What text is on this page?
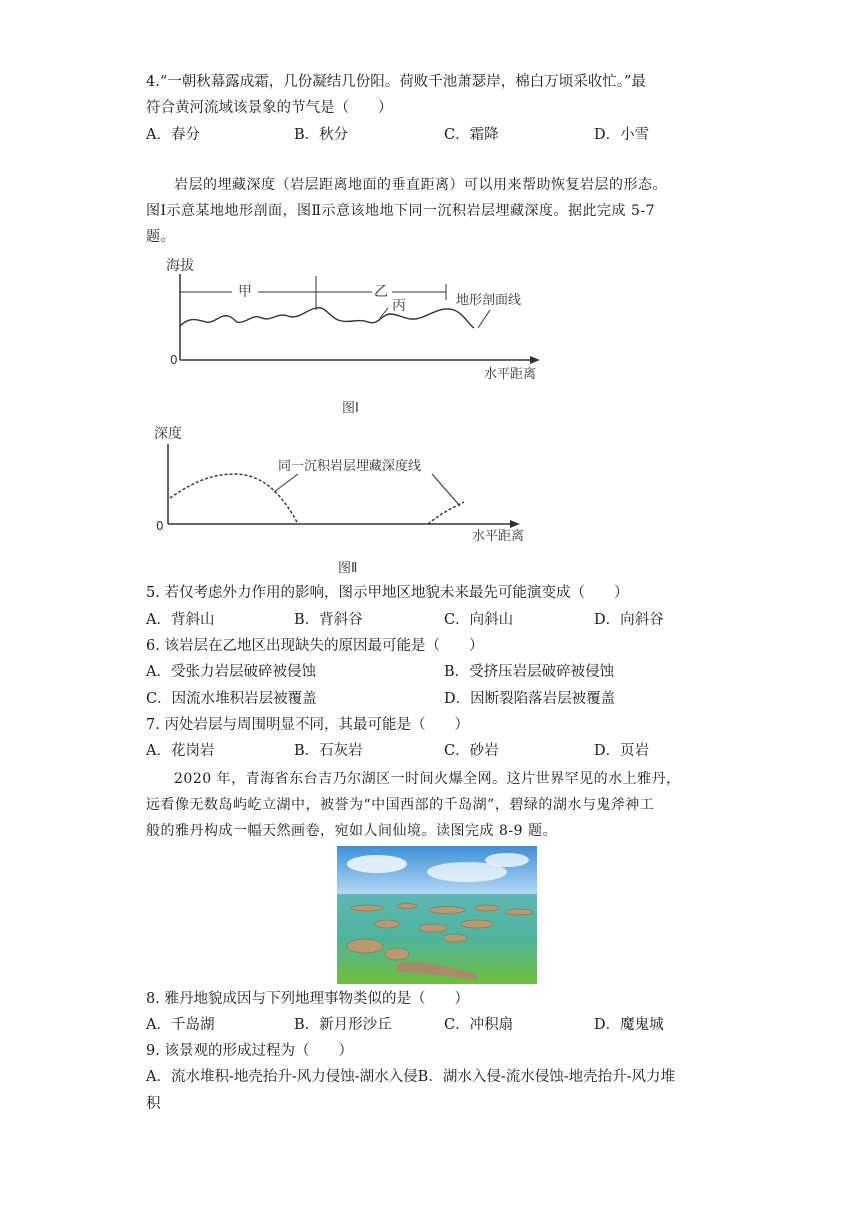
4.“一朝秋幕露成霜，几份凝结几份阳。荷败千池萧瑟岸，棉白万顷采收忙。”最
符合黄河流域该景象的节气是（　　）
A．春分	B．秋分	C．霜降	D．小雪
岩层的埋藏深度（岩层距离地面的垂直距离）可以用来帮助恢复岩层的形态。
图Ⅰ示意某地地形剖面，图Ⅱ示意该地地下同一沉积岩层埋藏深度。据此完成 5-7
题。
海拔
0
水平距离
甲	乙
丙	地形剖面线
图Ⅰ
深度
0
水平距离
同一沉积岩层埋藏深度线
图Ⅱ
5. 若仅考虑外力作用的影响，图示甲地区地貌未来最先可能演变成（　　）
A．背斜山	B．背斜谷	C．向斜山	D．向斜谷
6. 该岩层在乙地区出现缺失的原因最可能是（　　）
A．受张力岩层破碎被侵蚀	B．受挤压岩层破碎被侵蚀
C．因流水堆积岩层被覆盖	D．因断裂陷落岩层被覆盖
7. 丙处岩层与周围明显不同，其最可能是（　　）
A．花岗岩	B．石灰岩	C．砂岩	D．页岩
2020 年，青海省东台吉乃尔湖区一时间火爆全网。这片世界罕见的水上雅丹，
远看像无数岛屿屹立湖中，被誉为“中国西部的千岛湖”，碧绿的湖水与鬼斧神工
般的雅丹构成一幅天然画卷，宛如人间仙境。读图完成 8-9 题。
8. 雅丹地貌成因与下列地理事物类似的是（　　）
A．千岛湖	B．新月形沙丘	C．冲积扇	D．魔鬼城
9. 该景观的形成过程为（　　）
A．流水堆积-地壳抬升-风力侵蚀-湖水入侵B．湖水入侵-流水侵蚀-地壳抬升-风力堆
积
